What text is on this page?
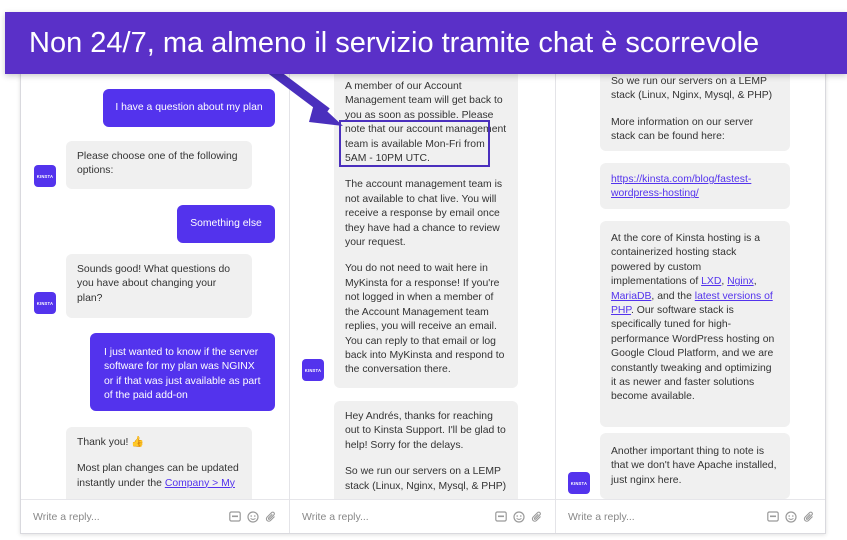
I have a question about my plan
KINSTA
Please choose one of the following options:
Something else
KINSTA
Sounds good! What questions do you have about changing your plan?
I just wanted to know if the server software for my plan was NGINX or if that was just available as part of the paid add-on

Thank you! 👍

Most plan changes can be updated instantly under the Company > My

Write a reply...

A member of our Account Management team will get back to you as soon as possible. Please note that our account management team is available Mon-Fri from 5AM - 10PM UTC.

The account management team is not available to chat live. You will receive a response by email once they have had a chance to review your request.

You do not need to wait here in MyKinsta for a response! If you're not logged in when a member of the Account Management team replies, you will receive an email. You can reply to that email or log back into MyKinsta and respond to the conversation there.

KINSTA

Hey Andrés, thanks for reaching out to Kinsta Support. I'll be glad to help! Sorry for the delays.

So we run our servers on a LEMP stack (Linux, Nginx, Mysql, & PHP)

Write a reply...

So we run our servers on a LEMP stack (Linux, Nginx, Mysql, & PHP)

More information on our server stack can be found here:

https://kinsta.com/blog/fastest-wordpress-hosting/
At the core of Kinsta hosting is a containerized hosting stack powered by custom implementations of LXD, Nginx, MariaDB, and the latest versions of PHP. Our software stack is specifically tuned for high-performance WordPress hosting on Google Cloud Platform, and we are constantly tweaking and optimizing it as newer and faster solutions become available.
KINSTA
Another important thing to note is that we don't have Apache installed, just nginx here.
Write a reply...
Non 24/7, ma almeno il servizio tramite chat è scorrevole
